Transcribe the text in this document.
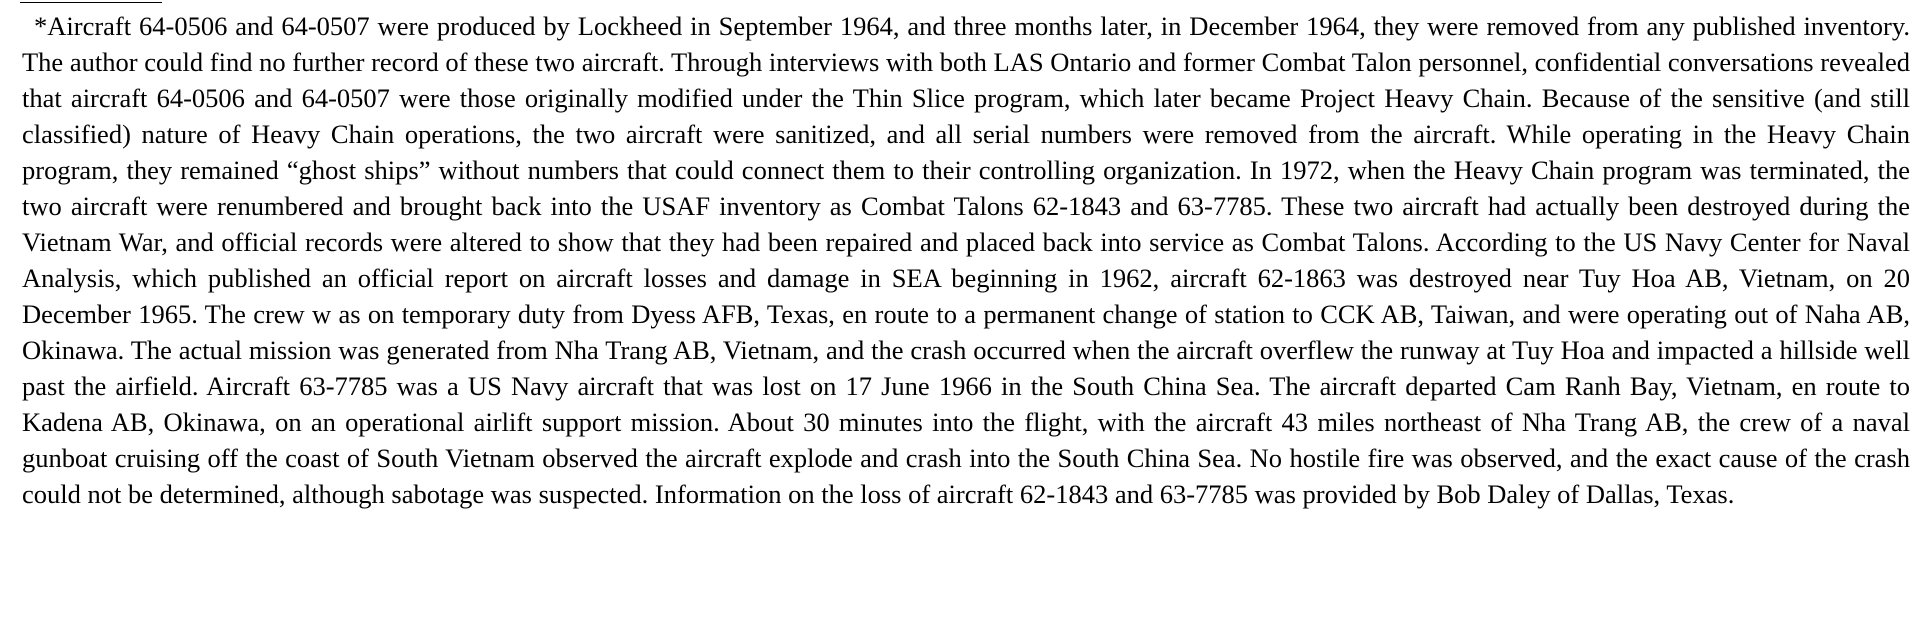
*Aircraft 64-0506 and 64-0507 were produced by Lockheed in September 1964, and three months later, in December 1964, they were removed from any published inventory. The author could find no further record of these two aircraft. Through interviews with both LAS Ontario and former Combat Talon personnel, confidential conversations revealed that aircraft 64-0506 and 64-0507 were those originally modified under the Thin Slice program, which later became Project Heavy Chain. Because of the sensitive (and still classified) nature of Heavy Chain operations, the two aircraft were sanitized, and all serial numbers were removed from the aircraft. While operating in the Heavy Chain program, they remained “ghost ships” without numbers that could connect them to their controlling organization. In 1972, when the Heavy Chain program was terminated, the two aircraft were renumbered and brought back into the USAF inventory as Combat Talons 62-1843 and 63-7785. These two aircraft had actually been destroyed during the Vietnam War, and official records were altered to show that they had been repaired and placed back into service as Combat Talons. According to the US Navy Center for Naval Analysis, which published an official report on aircraft losses and damage in SEA beginning in 1962, aircraft 62-1863 was destroyed near Tuy Hoa AB, Vietnam, on 20 December 1965. The crew w as on temporary duty from Dyess AFB, Texas, en route to a permanent change of station to CCK AB, Taiwan, and were operating out of Naha AB, Okinawa. The actual mission was generated from Nha Trang AB, Vietnam, and the crash occurred when the aircraft overflew the runway at Tuy Hoa and impacted a hillside well past the airfield. Aircraft 63-7785 was a US Navy aircraft that was lost on 17 June 1966 in the South China Sea. The aircraft departed Cam Ranh Bay, Vietnam, en route to Kadena AB, Okinawa, on an operational airlift support mission. About 30 minutes into the flight, with the aircraft 43 miles northeast of Nha Trang AB, the crew of a naval gunboat cruising off the coast of South Vietnam observed the aircraft explode and crash into the South China Sea. No hostile fire was observed, and the exact cause of the crash could not be determined, although sabotage was suspected. Information on the loss of aircraft 62-1843 and 63-7785 was provided by Bob Daley of Dallas, Texas.
